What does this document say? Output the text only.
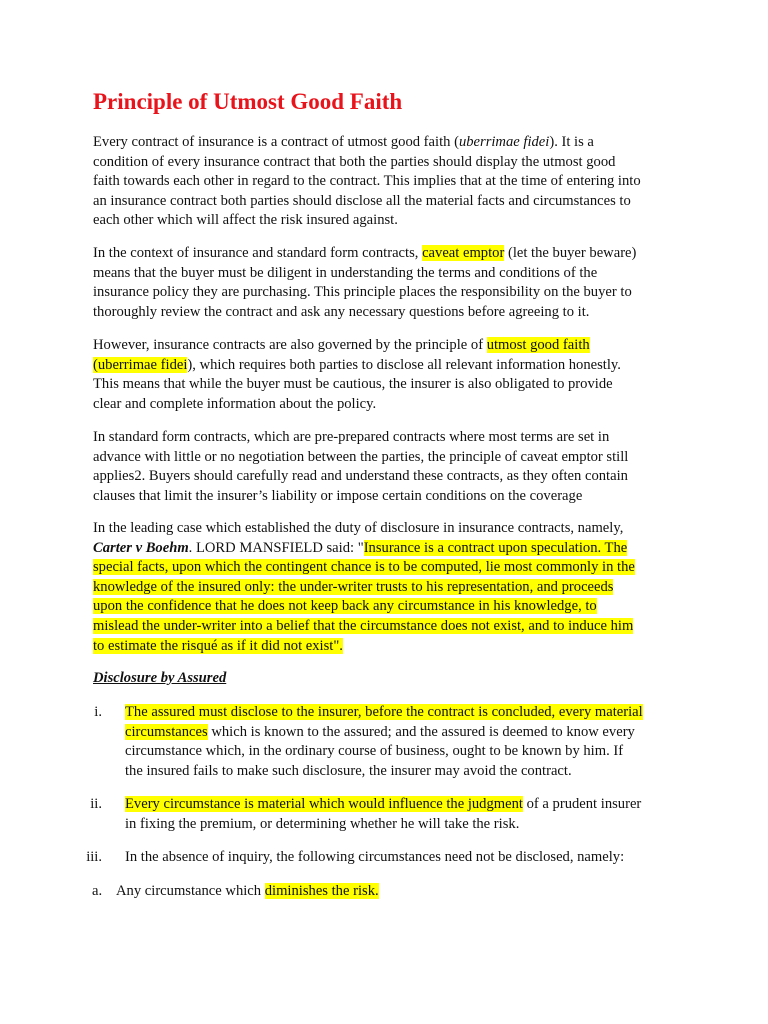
Principle of Utmost Good Faith

Every contract of insurance is a contract of utmost good faith (uberrimae fidei). It is a
condition of every insurance contract that both the parties should display the utmost good
faith towards each other in regard to the contract. This implies that at the time of entering into
an insurance contract both parties should disclose all the material facts and circumstances to
each other which will affect the risk insured against.

In the context of insurance and standard form contracts, caveat emptor (let the buyer beware)
means that the buyer must be diligent in understanding the terms and conditions of the
insurance policy they are purchasing. This principle places the responsibility on the buyer to
thoroughly review the contract and ask any necessary questions before agreeing to it.

However, insurance contracts are also governed by the principle of utmost good faith
(uberrimae fidei), which requires both parties to disclose all relevant information honestly.
This means that while the buyer must be cautious, the insurer is also obligated to provide
clear and complete information about the policy.

In standard form contracts, which are pre-prepared contracts where most terms are set in
advance with little or no negotiation between the parties, the principle of caveat emptor still
applies2. Buyers should carefully read and understand these contracts, as they often contain
clauses that limit the insurer’s liability or impose certain conditions on the coverage

In the leading case which established the duty of disclosure in insurance contracts, namely,
Carter v Boehm. LORD MANSFIELD said: "Insurance is a contract upon speculation. The
special facts, upon which the contingent chance is to be computed, lie most commonly in the
knowledge of the insured only: the under-writer trusts to his representation, and proceeds
upon the confidence that he does not keep back any circumstance in his knowledge, to
mislead the under-writer into a belief that the circumstance does not exist, and to induce him
to estimate the risqué as if it did not exist".

Disclosure by Assured

i. The assured must disclose to the insurer, before the contract is concluded, every material
circumstances which is known to the assured; and the assured is deemed to know every
circumstance which, in the ordinary course of business, ought to be known by him. If
the insured fails to make such disclosure, the insurer may avoid the contract.

ii. Every circumstance is material which would influence the judgment of a prudent insurer
in fixing the premium, or determining whether he will take the risk.

iii. In the absence of inquiry, the following circumstances need not be disclosed, namely:

a. Any circumstance which diminishes the risk.
